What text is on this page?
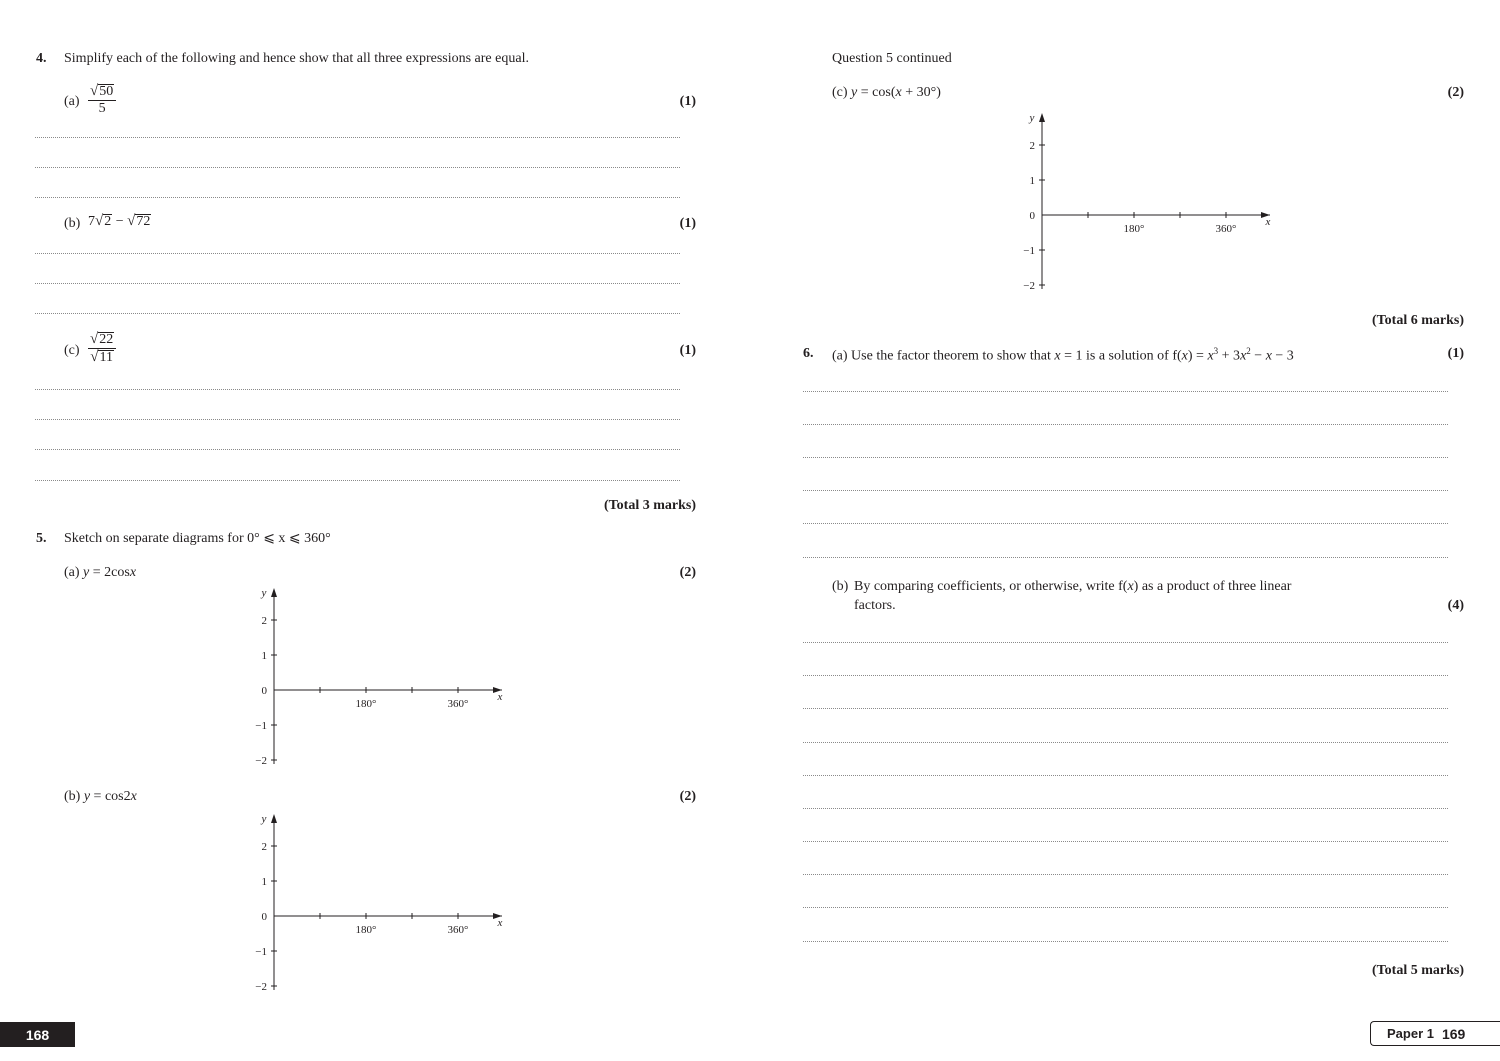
4. Simplify each of the following and hence show that all three expressions are equal.
$(a) \frac{√ 50}{5}$	(1)
(b) 7 √ 2 − √ 72	(1)
$(c) \frac{√ 22}{√ 11}$	(1)
(Total 3 marks)
5. Sketch on separate diagrams for 0° ⩽ x ⩽ 360°
(a) y = 2cosx	(2)
y
x
2
1
0
−1
−2
180°	360°
(b) y = cos2x	(2)
y
x
2
1
0
−1
−2
180°	360°
168
Question 5 continued
(c) y = cos(x + 30°)	(2)
y
x
2
1
0
−1
−2
180°	360°
(Total 6 marks)
6. (a) Use the factor theorem to show that x = 1 is a solution of $f(x) = x^3 + 3x^2 - x - 3$	(1)
(b) By comparing coefficients, or otherwise, write f(x) as a product of three linear
factors.	(4)
(Total 5 marks)
Paper 1 169
